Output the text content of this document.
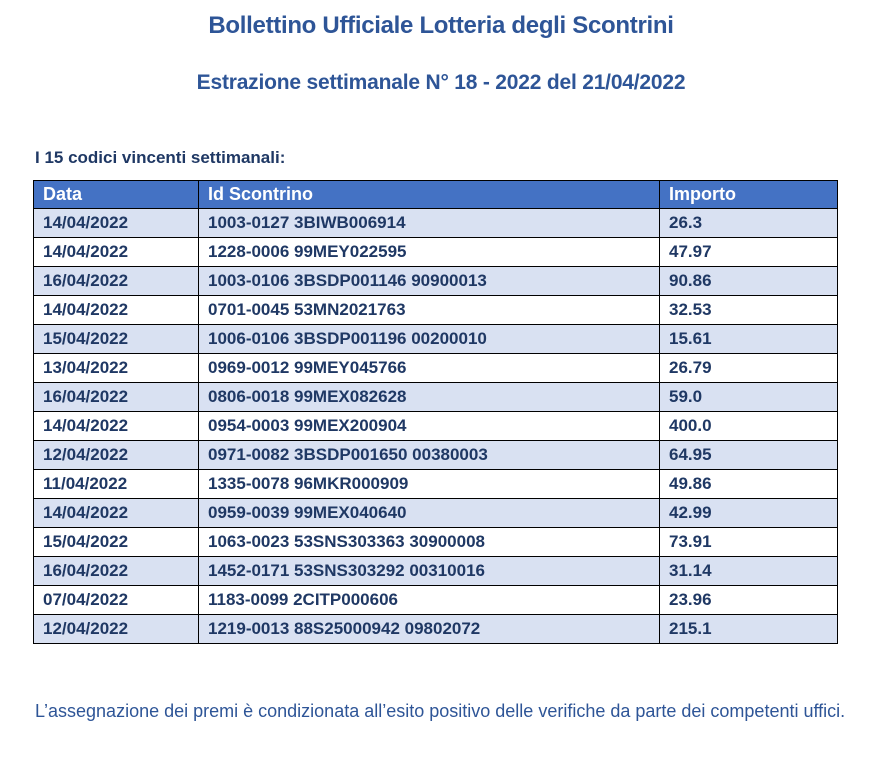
Bollettino Ufficiale Lotteria degli Scontrini
Estrazione settimanale N° 18 - 2022 del 21/04/2022
I 15 codici vincenti settimanali:
Data	Id Scontrino	Importo
14/04/2022	1003-0127 3BIWB006914	26.3
14/04/2022	1228-0006 99MEY022595	47.97
16/04/2022	1003-0106 3BSDP001146 90900013	90.86
14/04/2022	0701-0045 53MN2021763	32.53
15/04/2022	1006-0106 3BSDP001196 00200010	15.61
13/04/2022	0969-0012 99MEY045766	26.79
16/04/2022	0806-0018 99MEX082628	59.0
14/04/2022	0954-0003 99MEX200904	400.0
12/04/2022	0971-0082 3BSDP001650 00380003	64.95
11/04/2022	1335-0078 96MKR000909	49.86
14/04/2022	0959-0039 99MEX040640	42.99
15/04/2022	1063-0023 53SNS303363 30900008	73.91
16/04/2022	1452-0171 53SNS303292 00310016	31.14
07/04/2022	1183-0099 2CITP000606	23.96
12/04/2022	1219-0013 88S25000942 09802072	215.1
L’assegnazione dei premi è condizionata all’esito positivo delle verifiche da parte dei competenti uffici.
